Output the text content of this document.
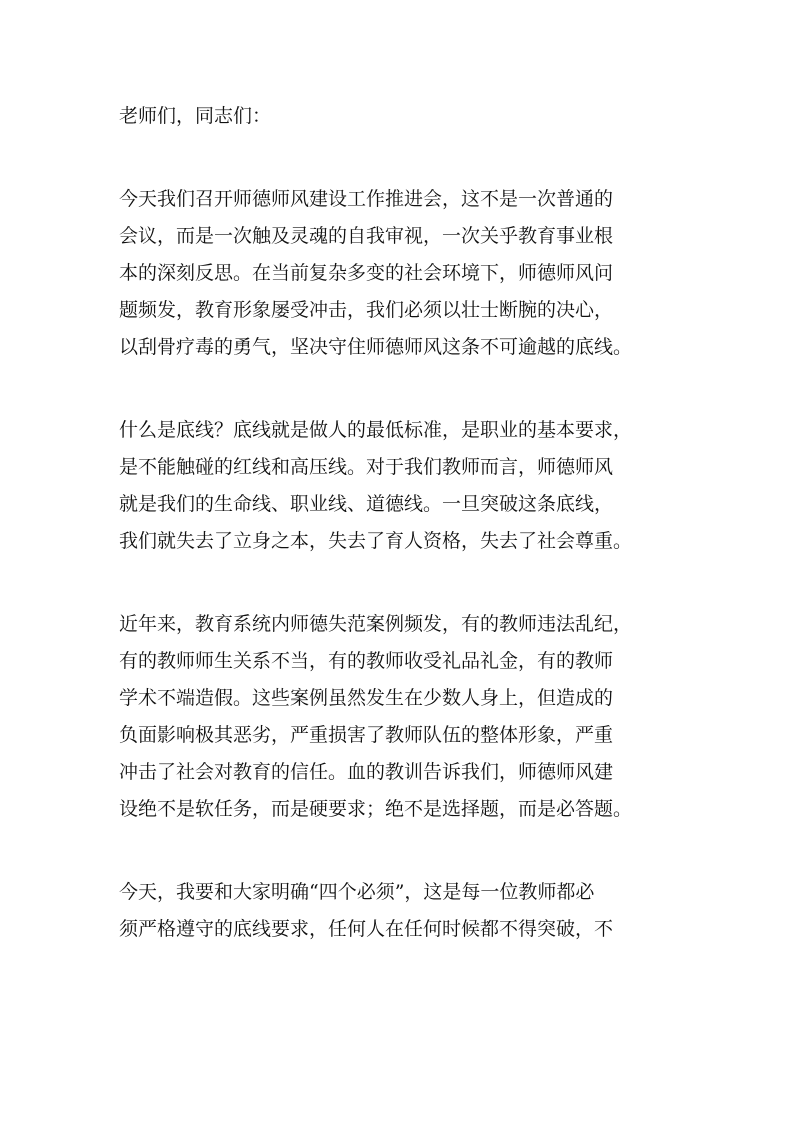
老师们，同志们：
今天我们召开师德师风建设工作推进会，这不是一次普通的
会议，而是一次触及灵魂的自我审视，一次关乎教育事业根
本的深刻反思。在当前复杂多变的社会环境下，师德师风问
题频发，教育形象屡受冲击，我们必须以壮士断腕的决心，
以刮骨疗毒的勇气，坚决守住师德师风这条不可逾越的底线。
什么是底线？底线就是做人的最低标准，是职业的基本要求，
是不能触碰的红线和高压线。对于我们教师而言，师德师风
就是我们的生命线、职业线、道德线。一旦突破这条底线，
我们就失去了立身之本，失去了育人资格，失去了社会尊重。
近年来，教育系统内师德失范案例频发，有的教师违法乱纪，
有的教师师生关系不当，有的教师收受礼品礼金，有的教师
学术不端造假。这些案例虽然发生在少数人身上，但造成的
负面影响极其恶劣，严重损害了教师队伍的整体形象，严重
冲击了社会对教育的信任。血的教训告诉我们，师德师风建
设绝不是软任务，而是硬要求；绝不是选择题，而是必答题。
今天，我要和大家明确“四个必须”，这是每一位教师都必
须严格遵守的底线要求，任何人在任何时候都不得突破，不
